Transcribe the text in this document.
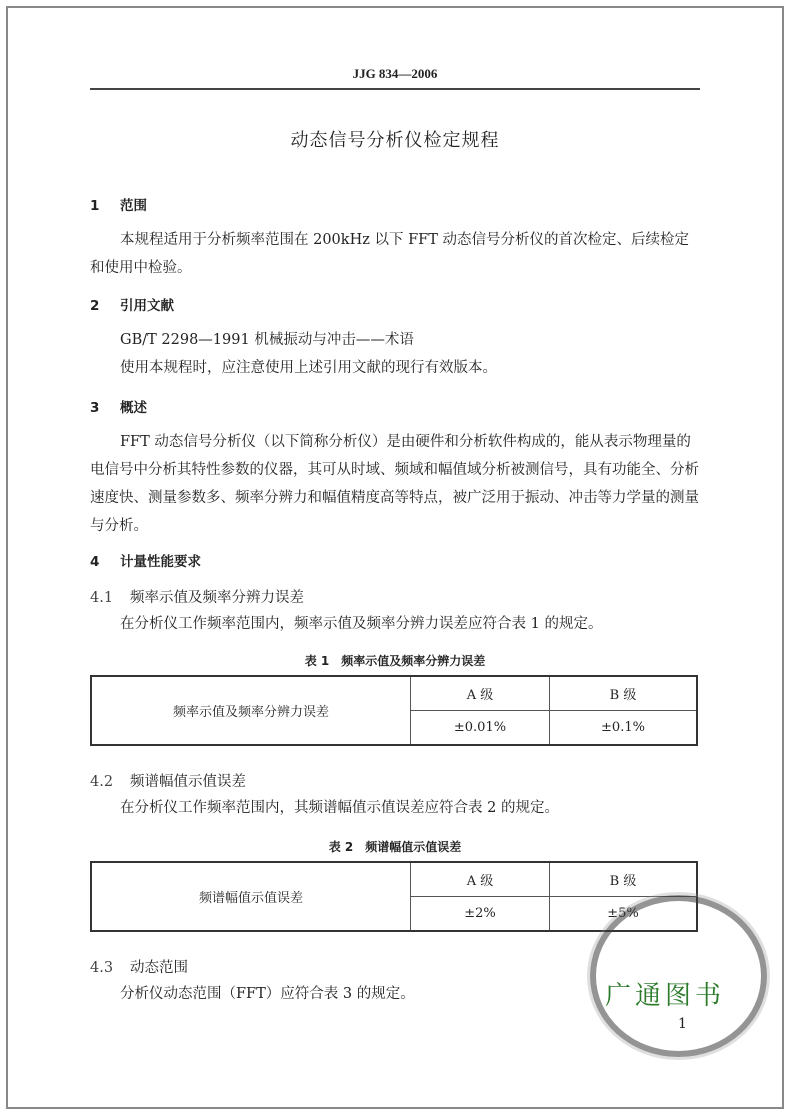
JJG 834—2006
动态信号分析仪检定规程
1 范围
本规程适用于分析频率范围在 200kHz 以下 FFT 动态信号分析仪的首次检定、后续检定和使用中检验。
2 引用文献
GB/T 2298—1991 机械振动与冲击——术语
使用本规程时，应注意使用上述引用文献的现行有效版本。
3 概述
FFT 动态信号分析仪（以下简称分析仪）是由硬件和分析软件构成的，能从表示物理量的电信号中分析其特性参数的仪器，其可从时域、频域和幅值域分析被测信号，具有功能全、分析速度快、测量参数多、频率分辨力和幅值精度高等特点，被广泛用于振动、冲击等力学量的测量与分析。
4 计量性能要求
4.1 频率示值及频率分辨力误差
在分析仪工作频率范围内，频率示值及频率分辨力误差应符合表 1 的规定。
表 1　频率示值及频率分辨力误差
频率示值及频率分辨力误差	A 级	B 级
	±0.01%	±0.1%
4.2 频谱幅值示值误差
在分析仪工作频率范围内，其频谱幅值示值误差应符合表 2 的规定。
表 2　频谱幅值示值误差
频谱幅值示值误差	A 级	B 级
	±2%	±5%
4.3 动态范围
分析仪动态范围（FFT）应符合表 3 的规定。	广通图书
1
